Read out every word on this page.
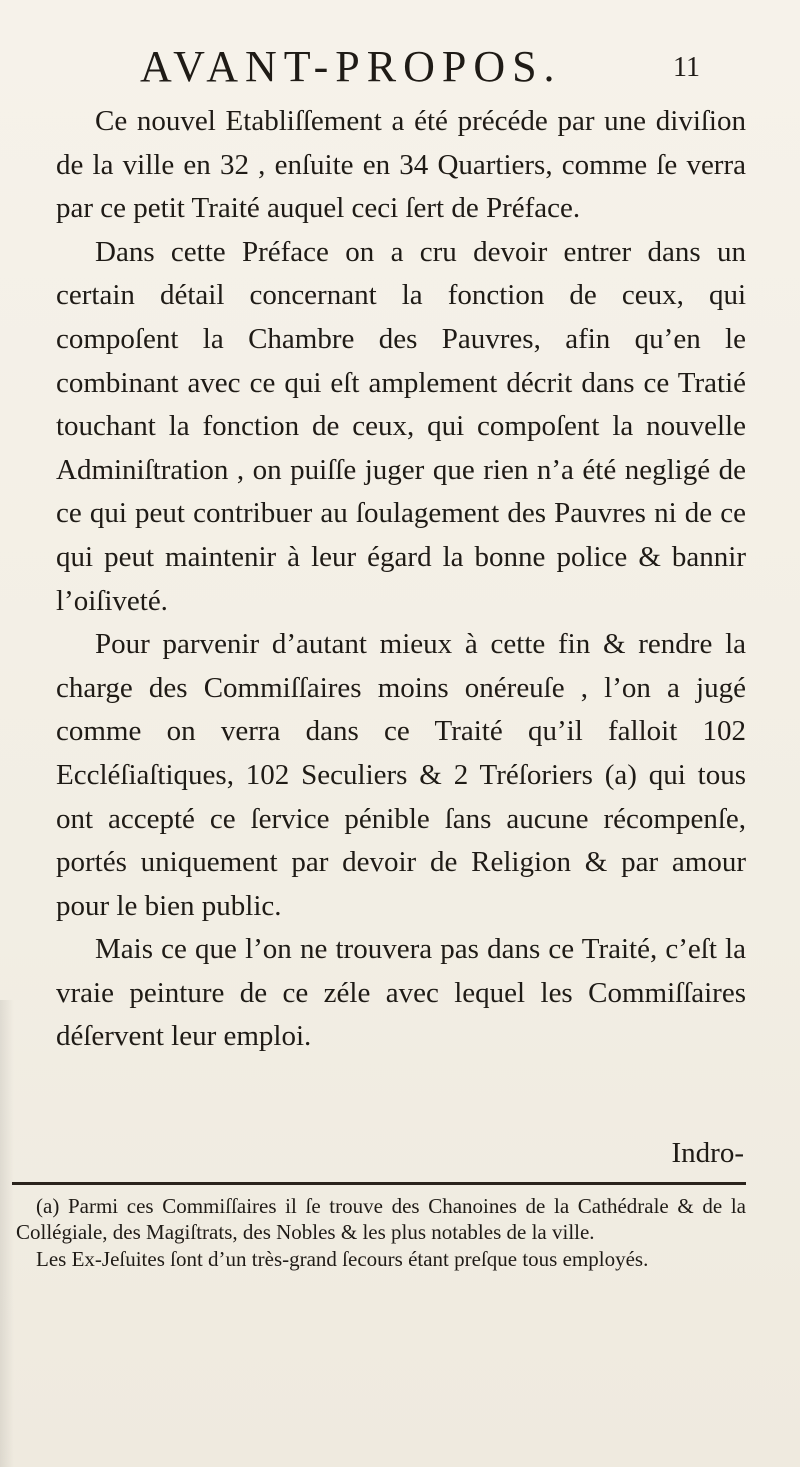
AVANT-PROPOS.	11

Ce nouvel Etabliſſement a été précéde par une diviſion de la ville en 32 , enſuite en 34 Quartiers, comme ſe verra par ce petit Traité auquel ceci ſert de Préface.

Dans cette Préface on a cru devoir entrer dans un certain détail concernant la fonction de ceux, qui compoſent la Chambre des Pauvres, afin qu’en le combinant avec ce qui eſt amplement décrit dans ce Tratié touchant la fonction de ceux, qui compoſent la nouvelle Adminiſtration , on puiſſe juger que rien n’a été negligé de ce qui peut contribuer au ſoulagement des Pauvres ni de ce qui peut maintenir à leur égard la bonne police & bannir l’oiſiveté.

Pour parvenir d’autant mieux à cette fin & rendre la charge des Commiſſaires moins onéreuſe , l’on a jugé comme on verra dans ce Traité qu’il falloit 102 Eccléſiaſtiques, 102 Seculiers & 2 Tréſoriers (a) qui tous ont accepté ce ſervice pénible ſans aucune récompenſe, portés uniquement par devoir de Religion & par amour pour le bien public.

Mais ce que l’on ne trouvera pas dans ce Traité, c’eſt la vraie peinture de ce zéle avec lequel les Commiſſaires déſervent leur emploi.

Indro-

(a) Parmi ces Commiſſaires il ſe trouve des Chanoines de la Cathédrale & de la Collégiale, des Magiſtrats, des Nobles & les plus notables de la ville.

Les Ex-Jeſuites ſont d’un très-grand ſecours étant preſque tous employés.
